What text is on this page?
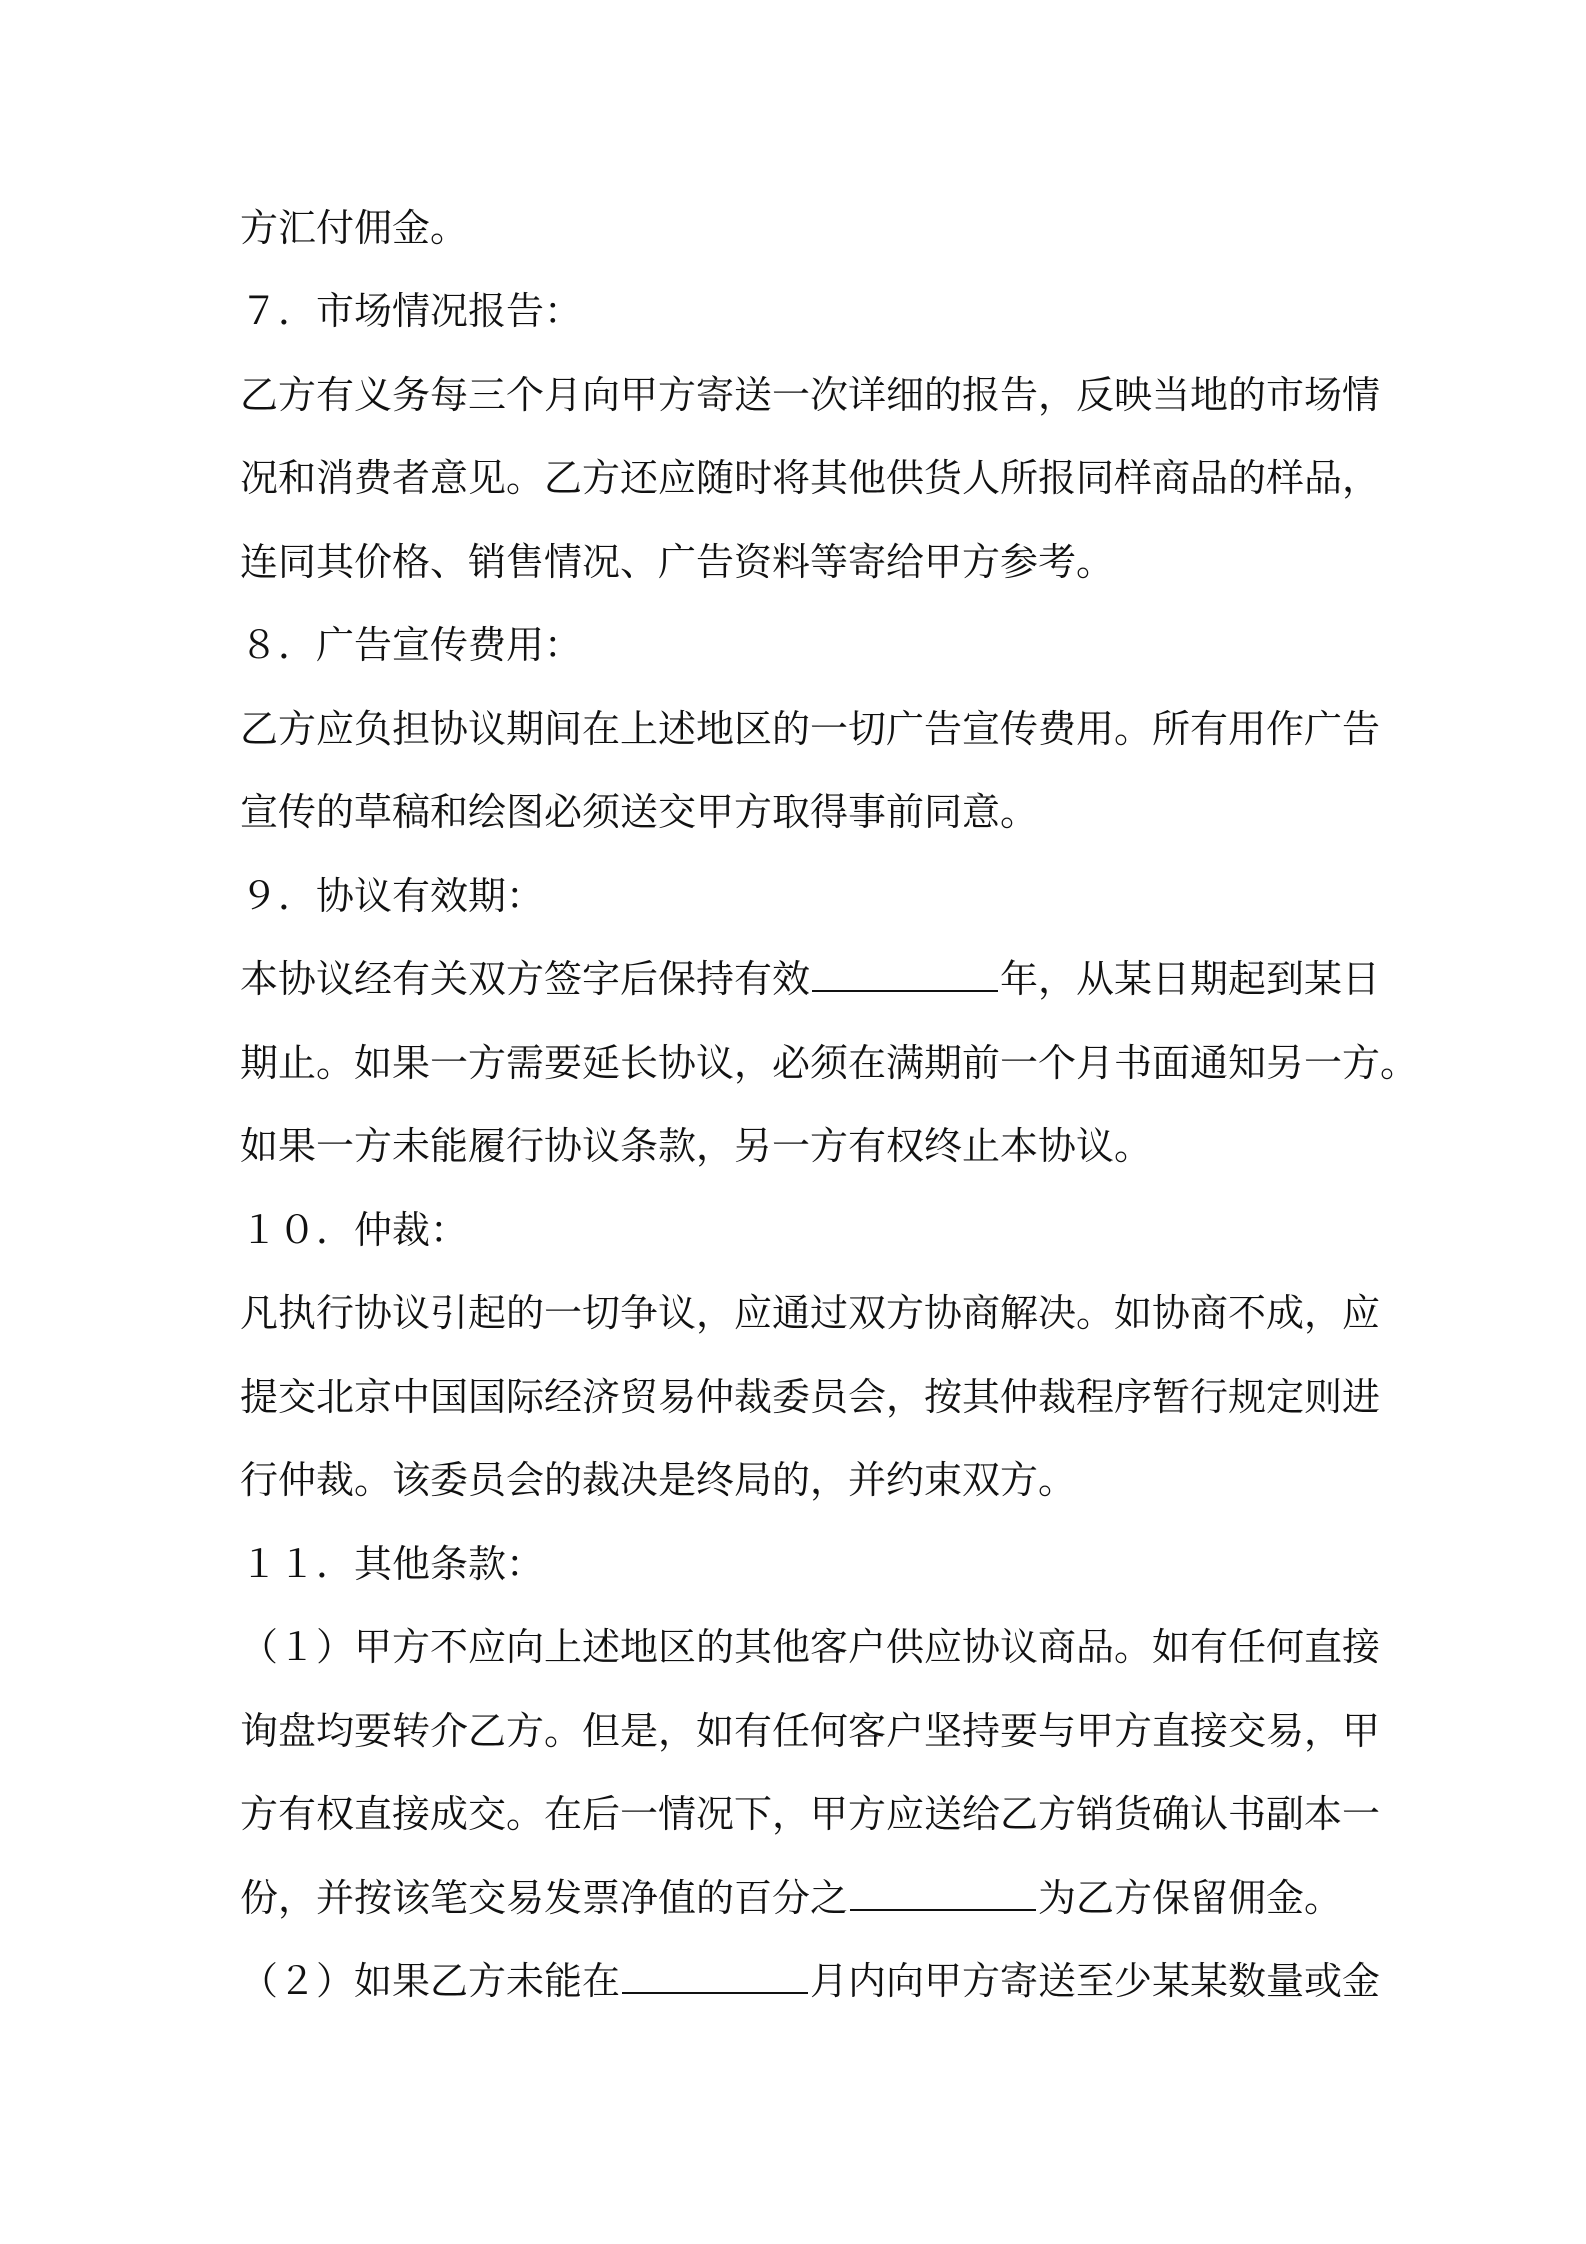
方汇付佣金。
７．市场情况报告：
乙方有义务每三个月向甲方寄送一次详细的报告，反映当地的市场情
况和消费者意见。乙方还应随时将其他供货人所报同样商品的样品，
连同其价格、销售情况、广告资料等寄给甲方参考。
８．广告宣传费用：
乙方应负担协议期间在上述地区的一切广告宣传费用。所有用作广告
宣传的草稿和绘图必须送交甲方取得事前同意。
９．协议有效期：
本协议经有关双方签字后保持有效	年，从某日期起到某日
期止。如果一方需要延长协议，必须在满期前一个月书面通知另一方。
如果一方未能履行协议条款，另一方有权终止本协议。
１０．仲裁：
凡执行协议引起的一切争议，应通过双方协商解决。如协商不成，应
提交北京中国国际经济贸易仲裁委员会，按其仲裁程序暂行规定则进
行仲裁。该委员会的裁决是终局的，并约束双方。
１１．其他条款：
（１）甲方不应向上述地区的其他客户供应协议商品。如有任何直接
询盘均要转介乙方。但是，如有任何客户坚持要与甲方直接交易，甲
方有权直接成交。在后一情况下，甲方应送给乙方销货确认书副本一
份，并按该笔交易发票净值的百分之	为乙方保留佣金。
（２）如果乙方未能在	月内向甲方寄送至少某某数量或金
